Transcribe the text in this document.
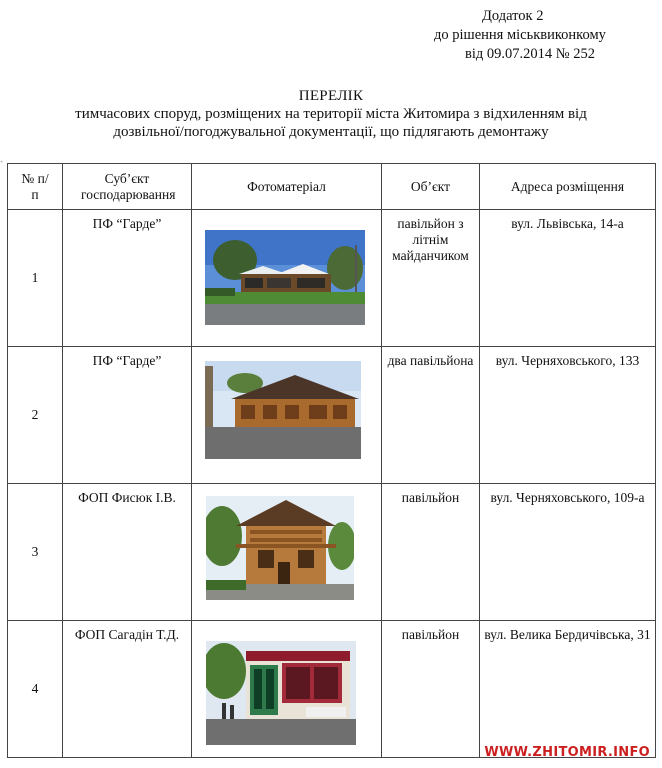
Додаток 2
до рішення міськвиконкому
від 09.07.2014 № 252
ПЕРЕЛІК
тимчасових споруд, розміщених на території міста Житомира з відхиленням від
дозвільної/погоджувальної документації, що підлягають демонтажу
+
№ п/п	Суб’єкт господарювання	Фотоматеріал	Об’єкт	Адреса розміщення
1	ПФ “Гарде”		павільйон з літнім майданчиком	вул. Львівська, 14-а

2	ПФ “Гарде”		два павільйона	вул. Черняховського, 133

3	ФОП Фисюк І.В.		павільйон	вул. Черняховського, 109-а

4	ФОП Сагадін Т.Д.		павільйон	вул. Велика Бердичівська, 31
WWW.ZHITOMIR.INFO
